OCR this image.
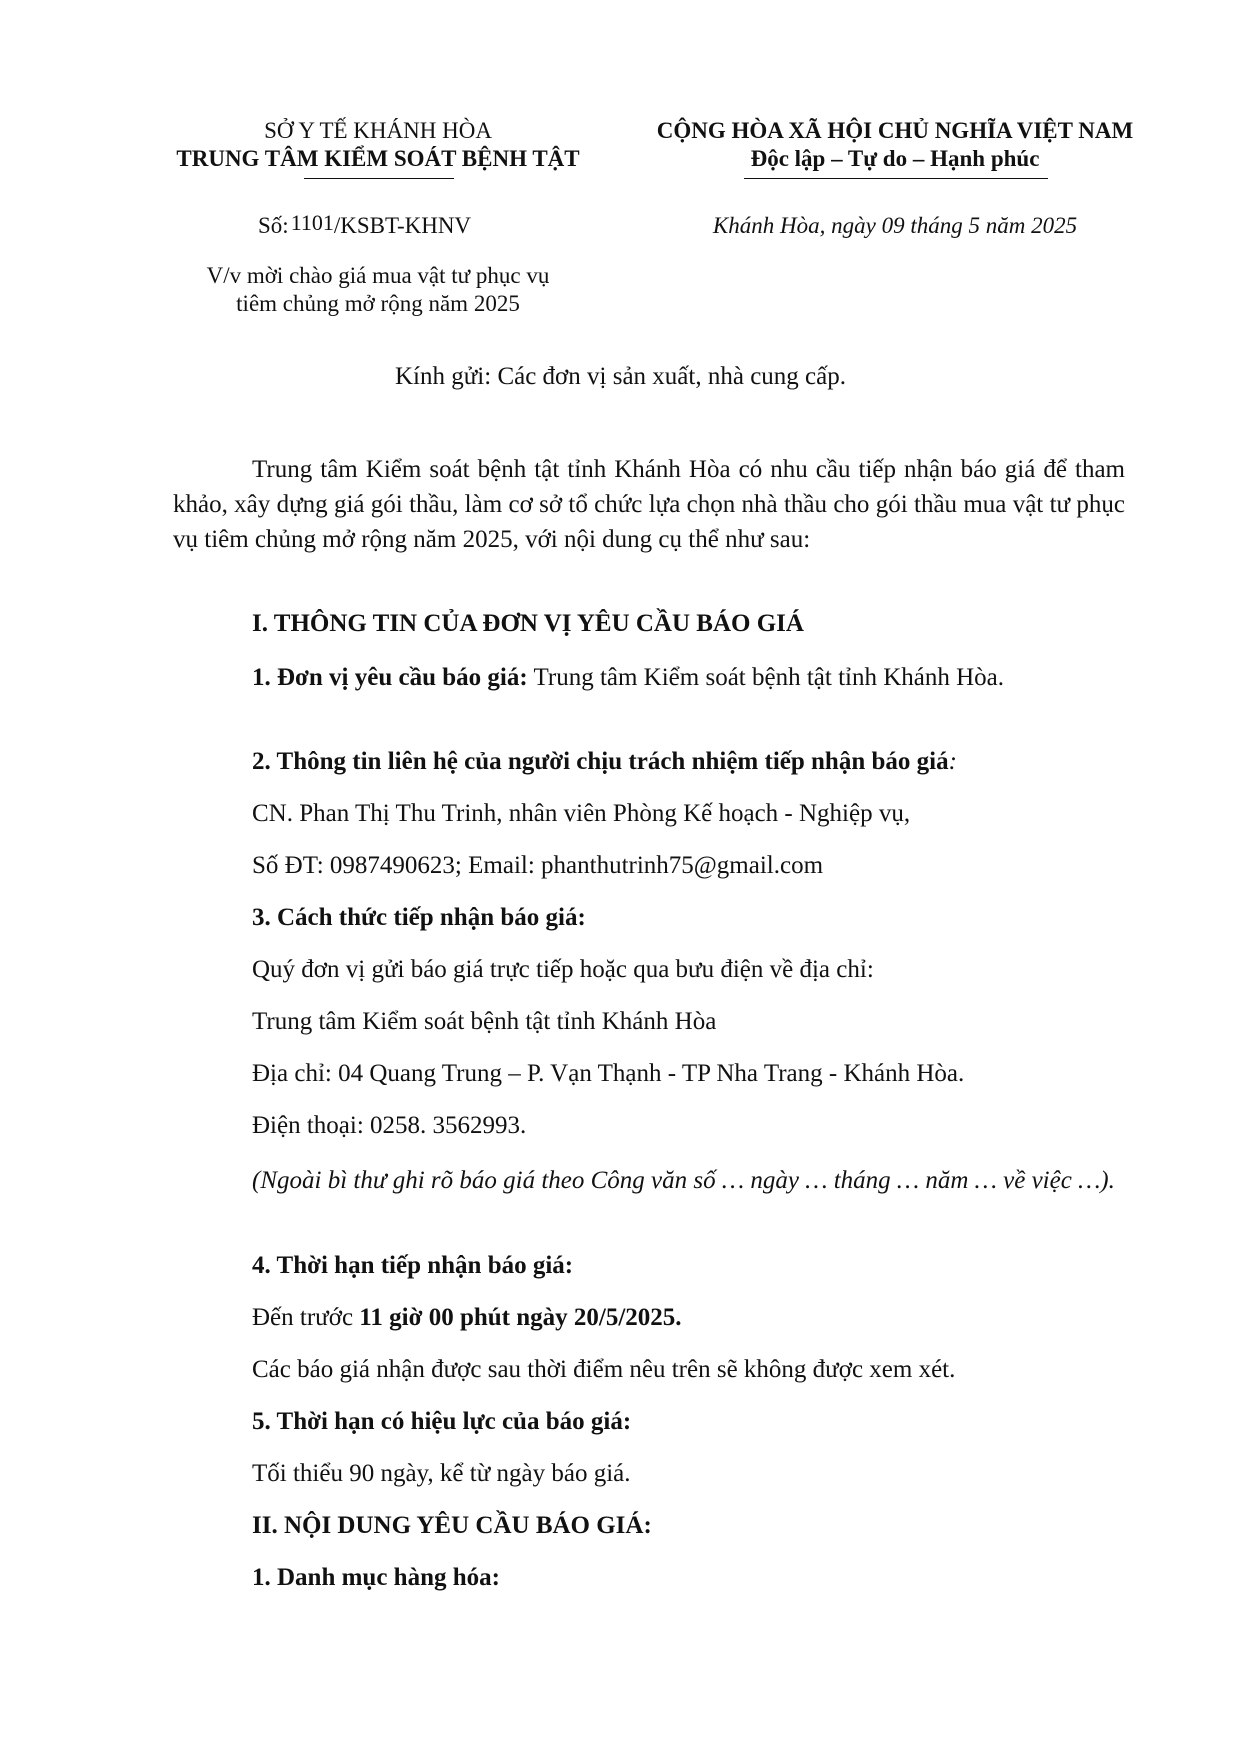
SỞ Y TẾ KHÁNH HÒA
TRUNG TÂM KIỂM SOÁT BỆNH TẬT
Số:1101/KSBT-KHNV
V/v mời chào giá mua vật tư phục vụ
tiêm chủng mở rộng năm 2025
CỘNG HÒA XÃ HỘI CHỦ NGHĨA VIỆT NAM
Độc lập – Tự do – Hạnh phúc
Khánh Hòa, ngày 09 tháng 5 năm 2025
Kính gửi: Các đơn vị sản xuất, nhà cung cấp.
Trung tâm Kiểm soát bệnh tật tỉnh Khánh Hòa có nhu cầu tiếp nhận báo giá để tham khảo, xây dựng giá gói thầu, làm cơ sở tổ chức lựa chọn nhà thầu cho gói thầu mua vật tư phục vụ tiêm chủng mở rộng năm 2025, với nội dung cụ thể như sau:
I. THÔNG TIN CỦA ĐƠN VỊ YÊU CẦU BÁO GIÁ
1. Đơn vị yêu cầu báo giá: Trung tâm Kiểm soát bệnh tật tỉnh Khánh Hòa.
2. Thông tin liên hệ của người chịu trách nhiệm tiếp nhận báo giá:
CN. Phan Thị Thu Trinh, nhân viên Phòng Kế hoạch - Nghiệp vụ,
Số ĐT: 0987490623; Email: phanthutrinh75@gmail.com
3. Cách thức tiếp nhận báo giá:
Quý đơn vị gửi báo giá trực tiếp hoặc qua bưu điện về địa chỉ:
Trung tâm Kiểm soát bệnh tật tỉnh Khánh Hòa
Địa chỉ: 04 Quang Trung – P. Vạn Thạnh - TP Nha Trang - Khánh Hòa.
Điện thoại: 0258. 3562993.
(Ngoài bì thư ghi rõ báo giá theo Công văn số … ngày … tháng … năm … về việc …).
4. Thời hạn tiếp nhận báo giá:
Đến trước 11 giờ 00 phút ngày 20/5/2025.
Các báo giá nhận được sau thời điểm nêu trên sẽ không được xem xét.
5. Thời hạn có hiệu lực của báo giá:
Tối thiểu 90 ngày, kể từ ngày báo giá.
II. NỘI DUNG YÊU CẦU BÁO GIÁ:
1. Danh mục hàng hóa:
